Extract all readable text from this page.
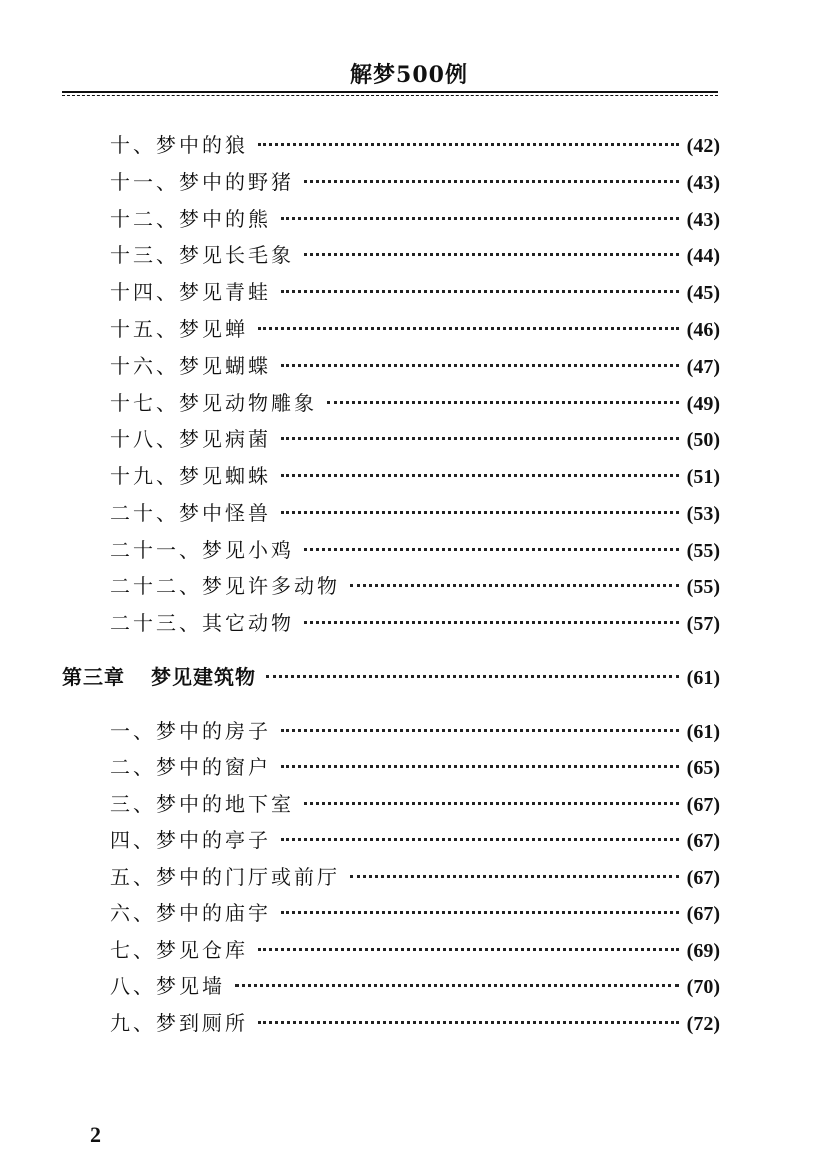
解梦500例
十、梦中的狼	(42)
十一、梦中的野猪	(43)
十二、梦中的熊	(43)
十三、梦见长毛象	(44)
十四、梦见青蛙	(45)
十五、梦见蝉	(46)
十六、梦见蝴蝶	(47)
十七、梦见动物雕象	(49)
十八、梦见病菌	(50)
十九、梦见蜘蛛	(51)
二十、梦中怪兽	(53)
二十一、梦见小鸡	(55)
二十二、梦见许多动物	(55)
二十三、其它动物	(57)
第三章 梦见建筑物	(61)
一、梦中的房子	(61)
二、梦中的窗户	(65)
三、梦中的地下室	(67)
四、梦中的亭子	(67)
五、梦中的门厅或前厅	(67)
六、梦中的庙宇	(67)
七、梦见仓库	(69)
八、梦见墙	(70)
九、梦到厕所	(72)
2
